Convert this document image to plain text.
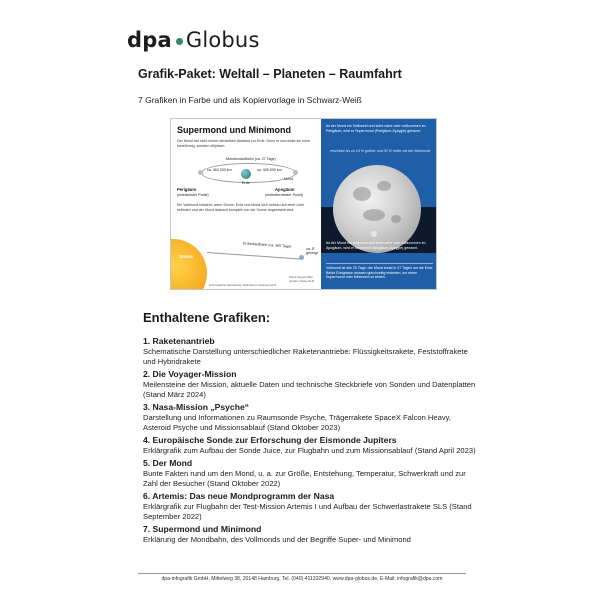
dpa Globus
Grafik-Paket: Weltall – Planeten – Raumfahrt
7 Grafiken in Farbe und als Kopiervorlage in Schwarz-Weiß
Supermond und Minimond
Der Mond hat nicht immer denselben Abstand zur Erde. Denn er umrundet sie nicht kreisförmig, sondern elliptisch.
Mondumlaufbahn (ca. 27 Tage)
Erde
Mond
ca. 363 300 km	ca. 405 500 km
Perigäum
(erdnächster Punkt)
Apogäum
(erdentferntester Punkt)
Ein Vollmond entsteht, wenn Sonne, Erde und Mond sich nahezu auf einer Linie befinden und der Mond dadurch komplett von der Sonne angestrahlt wird.
Sonne
Erdumlaufbahn (ca. 365 Tage)
ca. 5° geneigt
schematische Darstellung, Definitionen variieren leicht
Stand August 2022
Quellen: Nasa, DLR
Ist der Mond ein Vollmond und steht nahe oder vollkommen im Perigäum, wird er Supermond (Perigäum-Syzygie) genannt.
erscheint bis zu 14 % größer und 30 % heller als der Minimond
Ist der Mond ein Vollmond und steht nahe oder vollkommen im Apogäum, wird er Minimond (Apogäum-Syzygie) genannt.
Vollmond ist alle 29 Tage; der Mond kreist in 27 Tagen um die Erde. Beide Ereignisse müssen gleichzeitig eintreten, um einen Supermond oder Minimond zu bilden.
Enthaltene Grafiken:
1. Raketenantrieb
Schematische Darstellung unterschiedlicher Raketenantriebe: Flüssigkeitsrakete, Feststoffrakete und Hybridrakete
2. Die Voyager-Mission
Meilensteine der Mission, aktuelle Daten und technische Steckbriefe von Sonden und Datenplatten (Stand März 2024)
3. Nasa-Mission „Psyche“
Darstellung und Informationen zu Raumsonde Psyche, Trägerrakete SpaceX Falcon Heavy, Asteroid Psyche und Missionsablauf (Stand Oktober 2023)
4. Europäische Sonde zur Erforschung der Eismonde Jupiters
Erklärgrafik zum Aufbau der Sonde Juice, zur Flugbahn und zum Missionsablauf (Stand April 2023)
5. Der Mond
Bunte Fakten rund um den Mond, u. a. zur Größe, Entstehung, Temperatur, Schwerkraft und zur Zahl der Besucher (Stand Oktober 2022)
6. Artemis: Das neue Mondprogramm der Nasa
Erklärgrafik zur Flugbahn der Test-Mission Artemis I und Aufbau der Schwerlastrakete SLS (Stand September 2022)
7. Supermond und Minimond
Erklärung der Mondbahn, des Vollmonds und der Begriffe Super- und Minimond
dpa-infografik GmbH, Mittelweg 38, 20148 Hamburg, Tel. (040) 411332940, www.dpa-globus.de, E-Mail: infografik@dpa.com
